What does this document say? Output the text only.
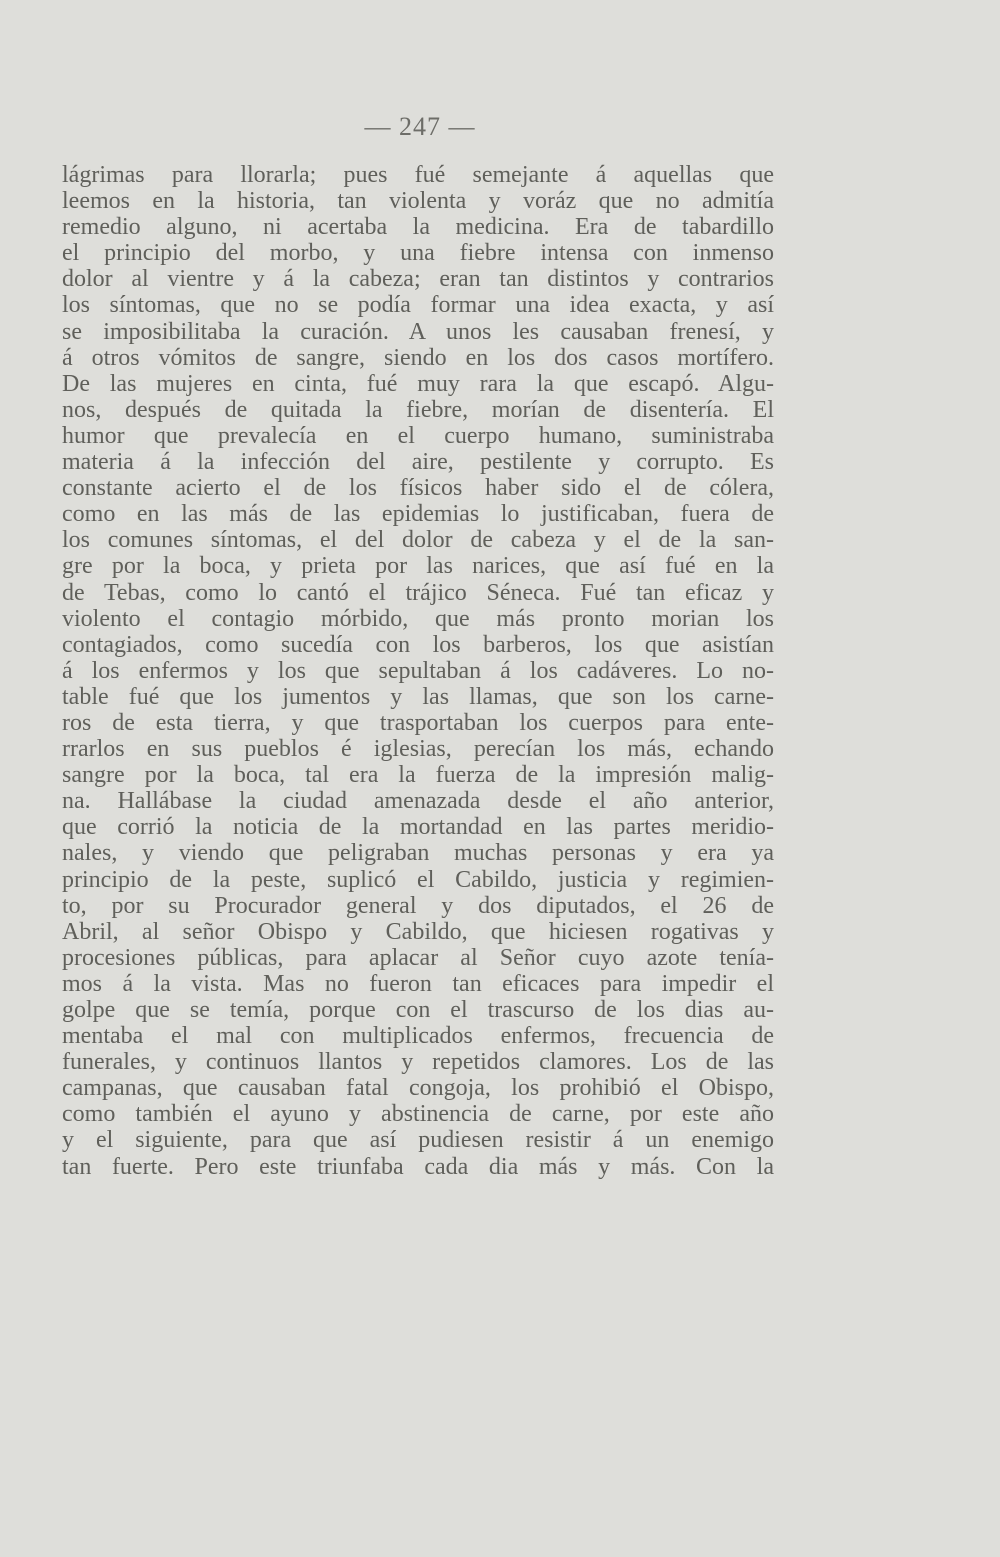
— 247 —
lágrimas para llorarla; pues fué semejante á aquellas que
leemos en la historia, tan violenta y voráz que no admitía
remedio alguno, ni acertaba la medicina. Era de tabardillo
el principio del morbo, y una fiebre intensa con inmenso
dolor al vientre y á la cabeza; eran tan distintos y contrarios
los síntomas, que no se podía formar una idea exacta, y así
se imposibilitaba la curación. A unos les causaban frenesí, y
á otros vómitos de sangre, siendo en los dos casos mortífero.
De las mujeres en cinta, fué muy rara la que escapó. Algu-
nos, después de quitada la fiebre, morían de disentería. El
humor que prevalecía en el cuerpo humano, suministraba
materia á la infección del aire, pestilente y corrupto. Es
constante acierto el de los físicos haber sido el de cólera,
como en las más de las epidemias lo justificaban, fuera de
los comunes síntomas, el del dolor de cabeza y el de la san-
gre por la boca, y prieta por las narices, que así fué en la
de Tebas, como lo cantó el trájico Séneca. Fué tan eficaz y
violento el contagio mórbido, que más pronto morian los
contagiados, como sucedía con los barberos, los que asistían
á los enfermos y los que sepultaban á los cadáveres. Lo no-
table fué que los jumentos y las llamas, que son los carne-
ros de esta tierra, y que trasportaban los cuerpos para ente-
rrarlos en sus pueblos é iglesias, perecían los más, echando
sangre por la boca, tal era la fuerza de la impresión malig-
na. Hallábase la ciudad amenazada desde el año anterior,
que corrió la noticia de la mortandad en las partes meridio-
nales, y viendo que peligraban muchas personas y era ya
principio de la peste, suplicó el Cabildo, justicia y regimien-
to, por su Procurador general y dos diputados, el 26 de
Abril, al señor Obispo y Cabildo, que hiciesen rogativas y
procesiones públicas, para aplacar al Señor cuyo azote tenía-
mos á la vista. Mas no fueron tan eficaces para impedir el
golpe que se temía, porque con el trascurso de los dias au-
mentaba el mal con multiplicados enfermos, frecuencia de
funerales, y continuos llantos y repetidos clamores. Los de las
campanas, que causaban fatal congoja, los prohibió el Obispo,
como también el ayuno y abstinencia de carne, por este año
y el siguiente, para que así pudiesen resistir á un enemigo
tan fuerte. Pero este triunfaba cada dia más y más. Con la
